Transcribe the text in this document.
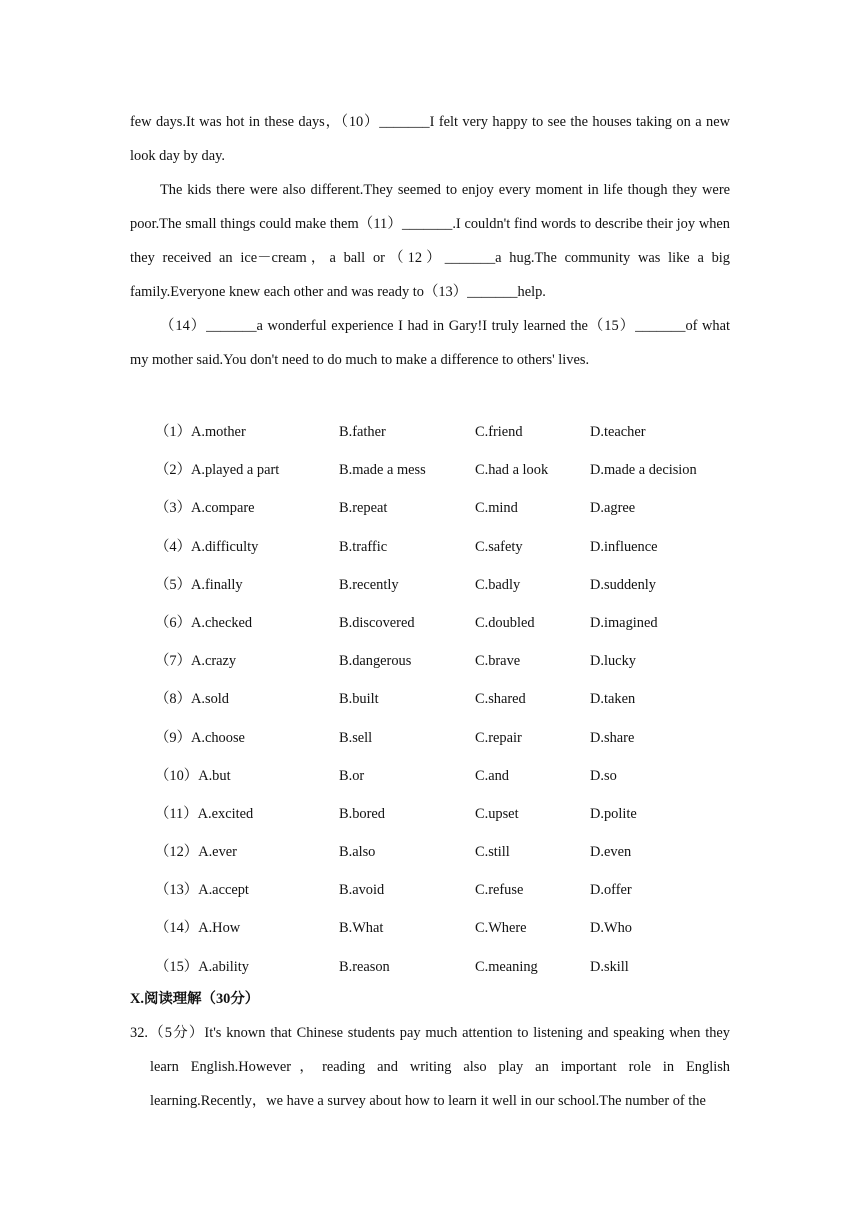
few days.It was hot in these days，（10）_______I felt very happy to see the houses taking on a new look day by day.

The kids there were also different.They seemed to enjoy every moment in life though they were poor.The small things could make them（11）_______.I couldn't find words to describe their joy when they received an ice－cream，a ball or（12）_______a hug.The community was like a big family.Everyone knew each other and was ready to（13）_______help.

（14）_______a wonderful experience I had in Gary!I truly learned the（15）_______of what my mother said.You don't need to do much to make a difference to others' lives.

（1）A.mother	B.father	C.friend	D.teacher
（2）A.played a part	B.made a mess	C.had a look	D.made a decision
（3）A.compare	B.repeat	C.mind	D.agree
（4）A.difficulty	B.traffic	C.safety	D.influence
（5）A.finally	B.recently	C.badly	D.suddenly
（6）A.checked	B.discovered	C.doubled	D.imagined
（7）A.crazy	B.dangerous	C.brave	D.lucky
（8）A.sold	B.built	C.shared	D.taken
（9）A.choose	B.sell	C.repair	D.share
（10）A.but	B.or	C.and	D.so
（11）A.excited	B.bored	C.upset	D.polite
（12）A.ever	B.also	C.still	D.even
（13）A.accept	B.avoid	C.refuse	D.offer
（14）A.How	B.What	C.Where	D.Who
（15）A.ability	B.reason	C.meaning	D.skill
X.阅读理解（30分）

32.（5分）It's known that Chinese students pay much attention to listening and speaking when they learn English.However，reading and writing also play an important role in English learning.Recently，we have a survey about how to learn it well in our school.The number of the
